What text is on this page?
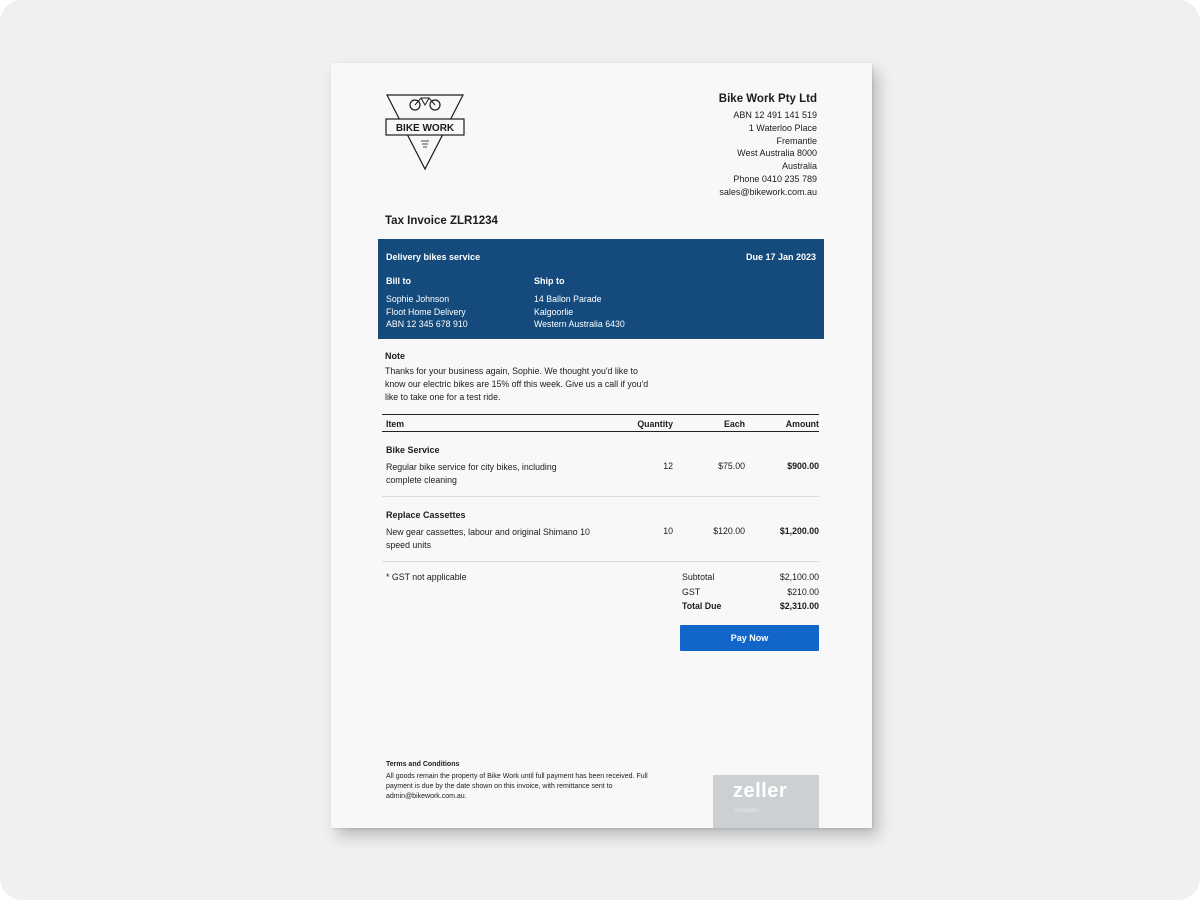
BIKE WORK
Bike Work Pty Ltd
ABN 12 491 141 519
1 Waterloo Place
Fremantle
West Australia 8000
Australia
Phone 0410 235 789
sales@bikework.com.au
Tax Invoice ZLR1234
Delivery bikes service	Due 17 Jan 2023
Bill to
Sophie Johnson
Floot Home Delivery
ABN 12 345 678 910
Ship to
14 Ballon Parade
Kalgoorlie
Western Australia 6430
Note
Thanks for your business again, Sophie. We thought you'd like to
know our electric bikes are 15% off this week. Give us a call if you'd
like to take one for a test ride.
Item	Quantity	Each	Amount
Bike Service
Regular bike service for city bikes, including
complete cleaning
12	$75.00	$900.00
Replace Cassettes
New gear cassettes, labour and original Shimano 10
speed units
10	$120.00	$1,200.00
* GST not applicable	Subtotal	$2,100.00
GST	$210.00
Total Due	$2,310.00
Pay Now
Terms and Conditions
All goods remain the property of Bike Work until full payment has been received. Full
payment is due by the date shown on this invoice, with remittance sent to
admin@bikework.com.au.	zeller
Invoices
